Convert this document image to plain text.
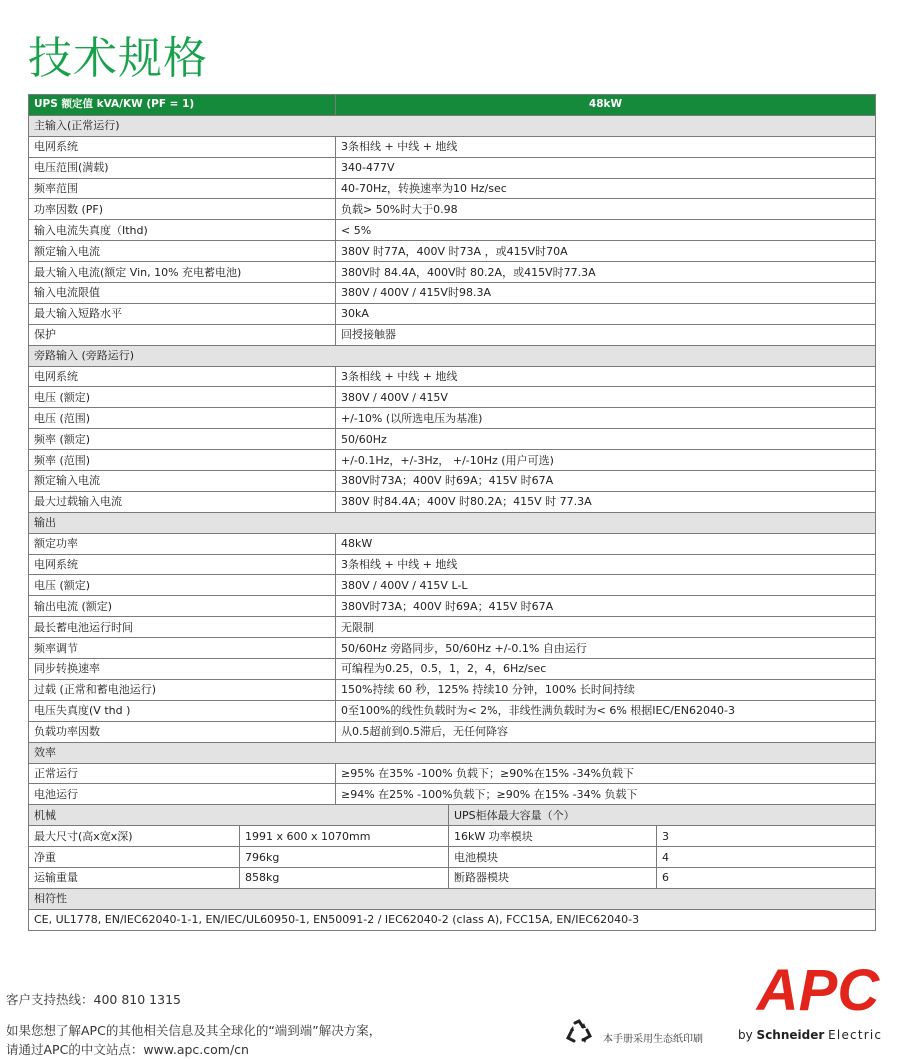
技术规格
UPS 额定值 kVA/KW (PF = 1)		48kW		
主输入(正常运行)				
电网系统		3条相线 + 中线 + 地线		
电压范围(满载)		340-477V		
频率范围		40-70Hz，转换速率为10 Hz/sec		
功率因数 (PF)		负载> 50%时大于0.98		
输入电流失真度（Ithd)		< 5%		
额定输入电流		380V 时77A，400V 时73A ，或415V时70A		
最大输入电流(额定 Vin, 10% 充电蓄电池)		380V时 84.4A，400V时 80.2A，或415V时77.3A		
输入电流限值		380V / 400V / 415V时98.3A		
最大输入短路水平		30kA		
保护		回授接触器		
旁路输入 (旁路运行)				
电网系统		3条相线 + 中线 + 地线		
电压 (额定)		380V / 400V / 415V		
电压 (范围)		+/-10% (以所选电压为基准)		
频率 (额定)		50/60Hz		
频率 (范围)		+/-0.1Hz，+/-3Hz， +/-10Hz (用户可选)		
额定输入电流		380V时73A；400V 时69A；415V 时67A		
最大过载输入电流		380V 时84.4A；400V 时80.2A；415V 时 77.3A		
输出				
额定功率		48kW		
电网系统		3条相线 + 中线 + 地线		
电压 (额定)		380V / 400V / 415V L-L		
输出电流 (额定)		380V时73A；400V 时69A；415V 时67A		
最长蓄电池运行时间		无限制		
频率调节		50/60Hz 旁路同步，50/60Hz +/-0.1% 自由运行		
同步转换速率		可编程为0.25，0.5，1，2，4，6Hz/sec		
过载 (正常和蓄电池运行)		150%持续 60 秒，125% 持续10 分钟，100% 长时间持续		
电压失真度(V thd )		0至100%的线性负载时为< 2%，非线性满负载时为< 6% 根据IEC/EN62040-3		
负载功率因数		从0.5超前到0.5滞后，无任何降容		
效率				
正常运行		≥95% 在35% -100% 负载下；≥90%在15% -34%负载下		
电池运行		≥94% 在25% -100%负载下；≥90% 在15% -34% 负载下		
机械			UPS柜体最大容量（个）	
最大尺寸(高x宽x深)	1991 x 600 x 1070mm		16kW 功率模块	3
净重	796kg		电池模块	4
运输重量	858kg		断路器模块	6
相符性				
CE, UL1778, EN/IEC62040-1-1, EN/IEC/UL60950-1, EN50091-2 / IEC62040-2 (class A), FCC15A, EN/IEC62040-3				
客户支持热线：400 810 1315
如果您想了解APC的其他相关信息及其全球化的“端到端”解决方案，
请通过APC的中文站点：www.apc.com/cn
本手册采用生态纸印刷
APC
by Schneider Electric
